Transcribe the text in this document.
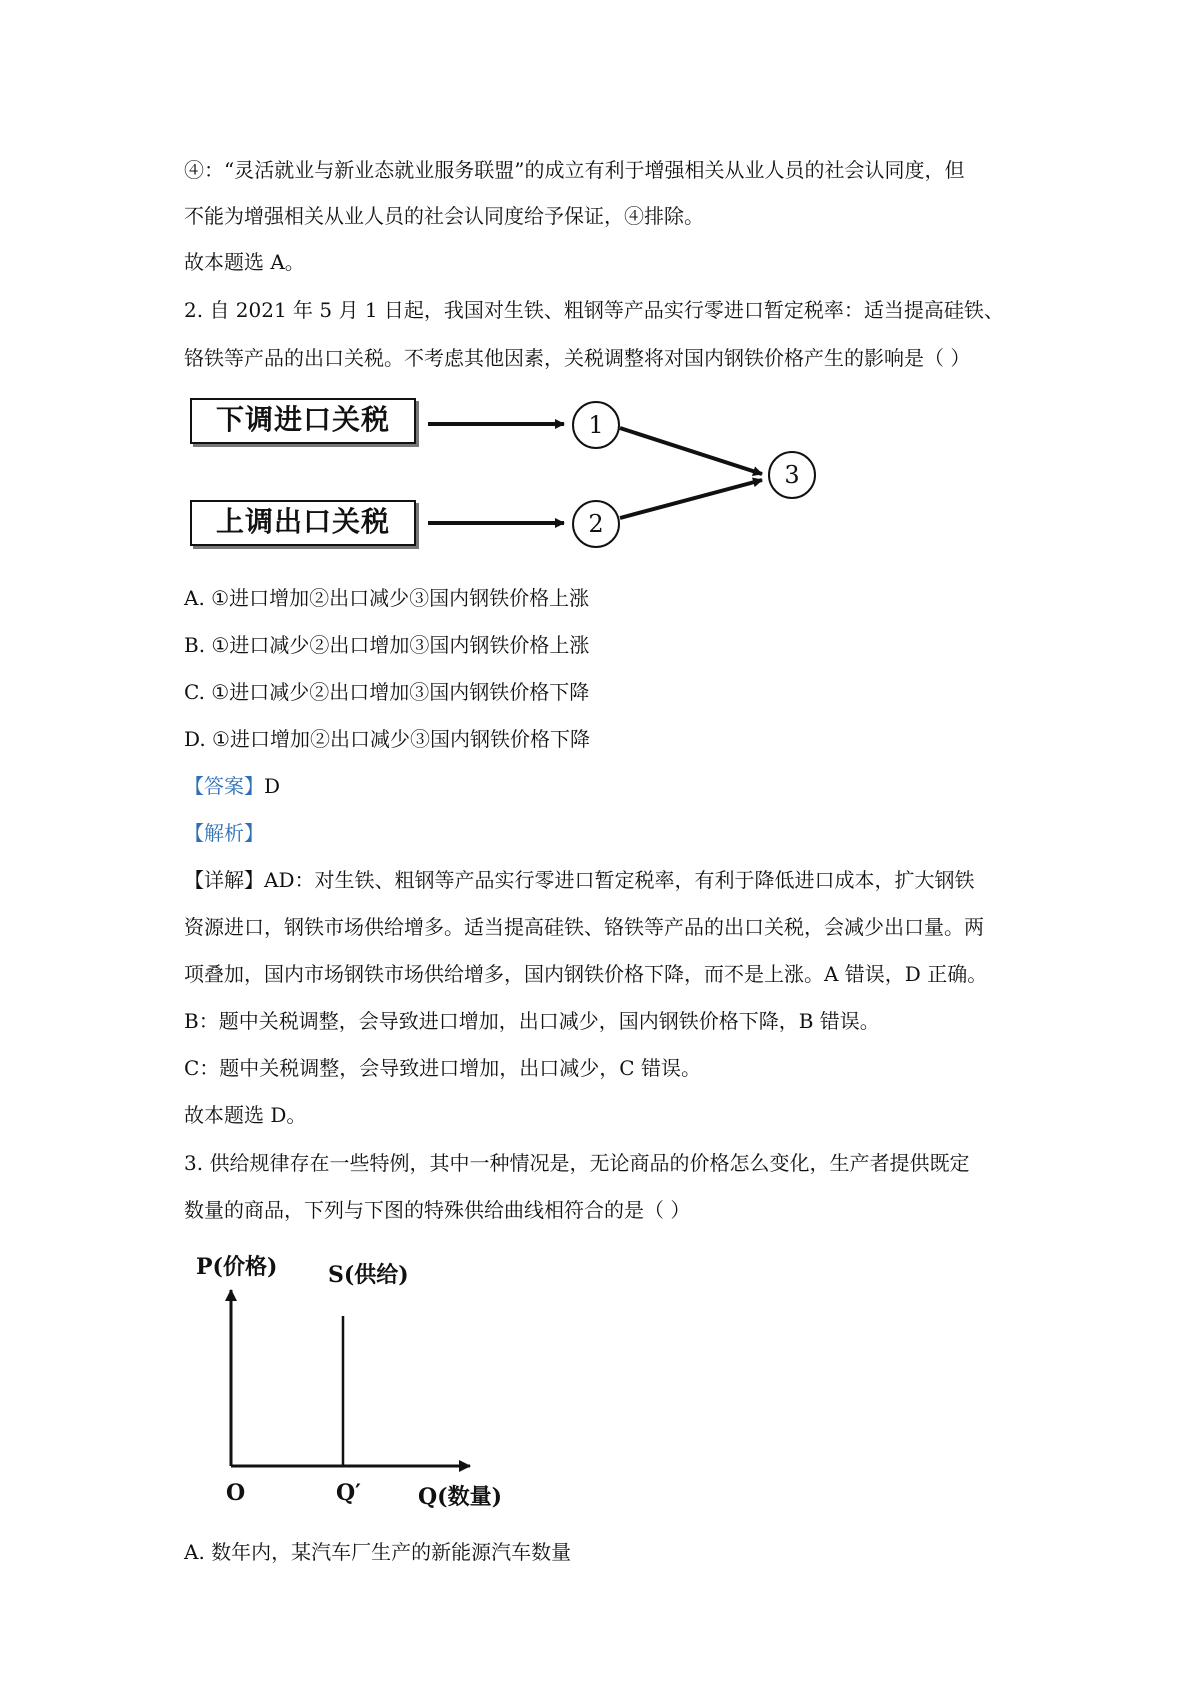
④：“灵活就业与新业态就业服务联盟”的成立有利于增强相关从业人员的社会认同度，但
不能为增强相关从业人员的社会认同度给予保证，④排除。
故本题选 A。
2. 自 2021 年 5 月 1 日起，我国对生铁、粗钢等产品实行零进口暂定税率：适当提高硅铁、
铬铁等产品的出口关税。不考虑其他因素，关税调整将对国内钢铁价格产生的影响是（ ）
下调进口关税
上调出口关税
1
2
3
A. ①进口增加②出口减少③国内钢铁价格上涨
B. ①进口减少②出口增加③国内钢铁价格上涨
C. ①进口减少②出口增加③国内钢铁价格下降
D. ①进口增加②出口减少③国内钢铁价格下降
【答案】D
【解析】
【详解】AD：对生铁、粗钢等产品实行零进口暂定税率，有利于降低进口成本，扩大钢铁
资源进口，钢铁市场供给增多。适当提高硅铁、铬铁等产品的出口关税，会减少出口量。两
项叠加，国内市场钢铁市场供给增多，国内钢铁价格下降，而不是上涨。A 错误，D 正确。
B：题中关税调整，会导致进口增加，出口减少，国内钢铁价格下降，B 错误。
C：题中关税调整，会导致进口增加，出口减少，C 错误。
故本题选 D。
3. 供给规律存在一些特例，其中一种情况是，无论商品的价格怎么变化，生产者提供既定
数量的商品，下列与下图的特殊供给曲线相符合的是（ ）
P(价格) S(供给)
O	Q′	Q(数量)
A. 数年内，某汽车厂生产的新能源汽车数量
